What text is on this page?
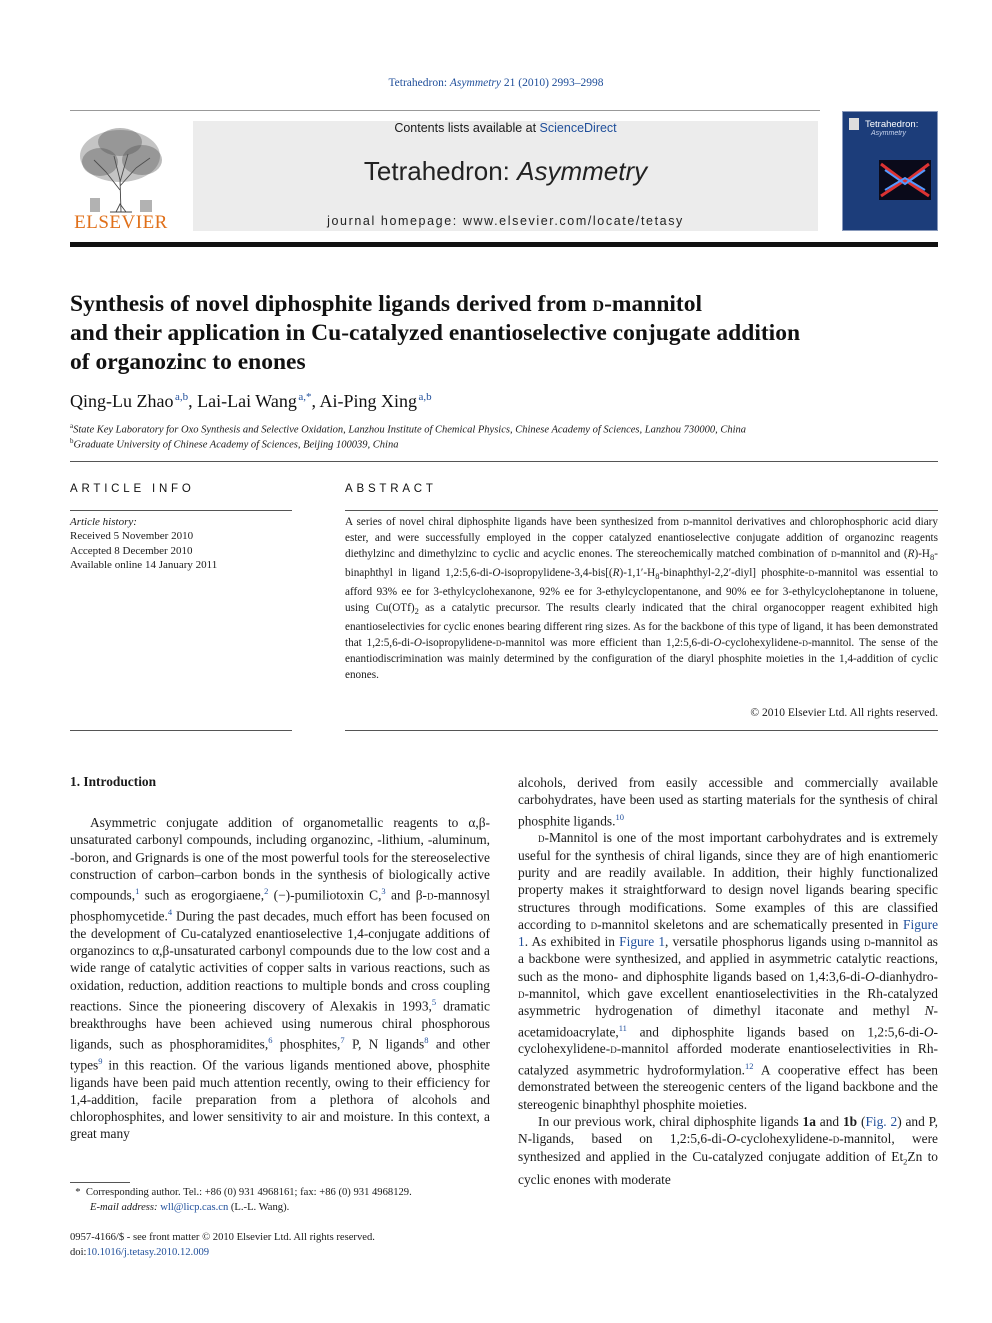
Tetrahedron: Asymmetry 21 (2010) 2993–2998
ELSEVIER
Contents lists available at ScienceDirect
Tetrahedron: Asymmetry
journal homepage: www.elsevier.com/locate/tetasy
Tetrahedron:
Asymmetry
Synthesis of novel diphosphite ligands derived from d-mannitol
and their application in Cu-catalyzed enantioselective conjugate addition
of organozinc to enones
Qing-Lu Zhao  $^{a,b}$, Lai-Lai Wang  $^{a,*}$, Ai-Ping Xing  $^{a,b}$
$^a$State Key Laboratory for Oxo Synthesis and Selective Oxidation, Lanzhou Institute of Chemical Physics, Chinese Academy of Sciences, Lanzhou 730000, China
$^b$Graduate University of Chinese Academy of Sciences, Beijing 100039, China
ARTICLE INFO	ABSTRACT
Article history:
Received 5 November 2010
Accepted 8 December 2010
Available online 14 January 2011
A series of novel chiral diphosphite ligands have been synthesized from d-mannitol derivatives and chlorophosphoric acid diary ester, and were successfully employed in the copper catalyzed enantioselective conjugate addition of organozinc reagents diethylzinc and dimethylzinc to cyclic and acyclic enones. The stereochemically matched combination of d-mannitol and $(R)-H_8$-binaphthyl in ligand $1,2:5,6-di-O-isopropylidene-3,4-bis[(R)-1,1'-H_8-binaphthyl-2,2'-diyl]$ phosphite-d-mannitol was essential to afford 93% ee for 3-ethylcyclohexanone, 92% ee for 3-ethylcyclopentanone, and 90% ee for 3-ethylcycloheptanone in toluene, using $Cu(OTf)_2$ as a catalytic precursor. The results clearly indicated that the chiral organocopper reagent exhibited high enantioselectivies for cyclic enones bearing different ring sizes. As for the backbone of this type of ligand, it has been demonstrated that 1,2:5,6-di-O-isopropylidene-d-mannitol was more efficient than 1,2:5,6-di-O-cyclohexylidene-d-mannitol. The sense of the enantiodiscrimination was mainly determined by the configuration of the diaryl phosphite moieties in the 1,4-addition of cyclic enones.
© 2010 Elsevier Ltd. All rights reserved.
1. Introduction

Asymmetric conjugate addition of organometallic reagents to α,β-unsaturated carbonyl compounds, including organozinc, -lithium, -aluminum, -boron, and Grignards is one of the most powerful tools for the stereoselective construction of carbon–carbon bonds in the synthesis of biologically active compounds,$^1$ such as erogorgiaene,$^2$ (−)-pumiliotoxin C,$^3$ and β-d-mannosyl phosphomycetide.$^4$ During the past decades, much effort has been focused on the development of Cu-catalyzed enantioselective 1,4-conjugate additions of organozincs to α,β-unsaturated carbonyl compounds due to the low cost and a wide range of catalytic activities of copper salts in various reactions, such as oxidation, reduction, addition reactions to multiple bonds and cross coupling reactions. Since the pioneering discovery of Alexakis in 1993,$^5$ dramatic breakthroughs have been achieved using numerous chiral phosphorous ligands, such as phosphoramidites,$^6$ phosphites,$^7$ P, N ligands$^8$ and other types$^9$ in this reaction. Of the various ligands mentioned above, phosphite ligands have been paid much attention recently, owing to their efficiency for 1,4-addition, facile preparation from a plethora of alcohols and chlorophosphites, and lower sensitivity to air and moisture. In this context, a great many

alcohols, derived from easily accessible and commercially available carbohydrates, have been used as starting materials for the synthesis of chiral phosphite ligands.$^{10}$

d-Mannitol is one of the most important carbohydrates and is extremely useful for the synthesis of chiral ligands, since they are of high enantiomeric purity and are readily available. In addition, their highly functionalized property makes it straightforward to design novel ligands bearing specific structures through modifications. Some examples of this are classified according to d-mannitol skeletons and are schematically presented in Figure 1. As exhibited in Figure 1, versatile phosphorus ligands using d-mannitol as a backbone were synthesized, and applied in asymmetric catalytic reactions, such as the mono- and diphosphite ligands based on 1,4:3,6-di-O-dianhydro-d-mannitol, which gave excellent enantioselectivities in the Rh-catalyzed asymmetric hydrogenation of dimethyl itaconate and methyl N-acetamidoacrylate,$^{11}$ and diphosphite ligands based on 1,2:5,6-di-O-cyclohexylidene-d-mannitol afforded moderate enantioselectivities in Rh-catalyzed asymmetric hydroformylation.$^{12}$ A cooperative effect has been demonstrated between the stereogenic centers of the ligand backbone and the stereogenic binaphthyl phosphite moieties.

In our previous work, chiral diphosphite ligands 1a and 1b (Fig. 2) and P, N-ligands, based on 1,2:5,6-di-O-cyclohexylidene-d-mannitol, were synthesized and applied in the Cu-catalyzed conjugate addition of $Et_2Zn$ to cyclic enones with moderate

* Corresponding author. Tel.: +86 (0) 931 4968161; fax: +86 (0) 931 4968129.
E-mail address: wll@licp.cas.cn (L.-L. Wang).
0957-4166/$ - see front matter © 2010 Elsevier Ltd. All rights reserved.
doi:10.1016/j.tetasy.2010.12.009
